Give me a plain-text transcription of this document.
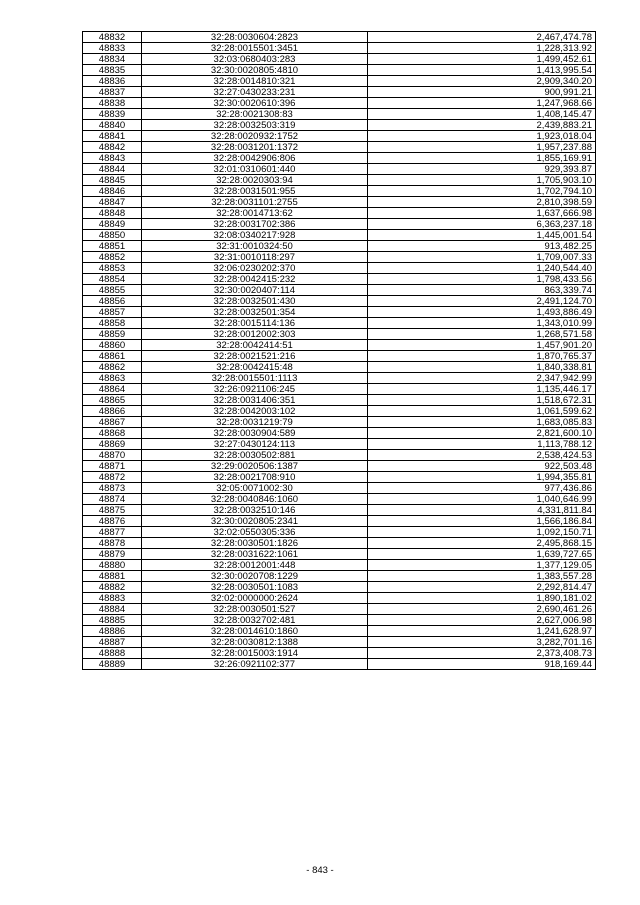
48832	32:28:0030604:2823	2,467,474.78
48833	32:28:0015501:3451	1,228,313.92
48834	32:03:0680403:283	1,499,452.61
48835	32:30:0020805:4810	1,413,995.54
48836	32:28:0014810:321	2,909,340.20
48837	32:27:0430233:231	900,991.21
48838	32:30:0020610:396	1,247,968.66
48839	32:28:0021308:83	1,408,145.47
48840	32:28:0032503:319	2,439,883.21
48841	32:28:0020932:1752	1,923,018.04
48842	32:28:0031201:1372	1,957,237.88
48843	32:28:0042906:806	1,855,169.91
48844	32:01:0310601:440	929,393.87
48845	32:28:0020303:94	1,705,903.10
48846	32:28:0031501:955	1,702,794.10
48847	32:28:0031101:2755	2,810,398.59
48848	32:28:0014713:62	1,637,666.98
48849	32:28:0031702:386	6,363,237.18
48850	32:08:0340217:928	1,445,001.54
48851	32:31:0010324:50	913,482.25
48852	32:31:0010118:297	1,709,007.33
48853	32:06:0230202:370	1,240,544.40
48854	32:28:0042415:232	1,798,433.56
48855	32:30:0020407:114	863,339.74
48856	32:28:0032501:430	2,491,124.70
48857	32:28:0032501:354	1,493,886.49
48858	32:28:0015114:136	1,343,010.99
48859	32:28:0012002:303	1,268,571.58
48860	32:28:0042414:51	1,457,901.20
48861	32:28:0021521:216	1,870,765.37
48862	32:28:0042415:48	1,840,338.81
48863	32:28:0015501:1113	2,347,942.99
48864	32:26:0921106:245	1,135,446.17
48865	32:28:0031406:351	1,518,672.31
48866	32:28:0042003:102	1,061,599.62
48867	32:28:0031219:79	1,683,085.83
48868	32:28:0030904:589	2,821,600.10
48869	32:27:0430124:113	1,113,788.12
48870	32:28:0030502:881	2,538,424.53
48871	32:29:0020506:1387	922,503.48
48872	32:28:0021708:910	1,994,355.81
48873	32:05:0071002:30	977,436.86
48874	32:28:0040846:1060	1,040,646.99
48875	32:28:0032510:146	4,331,811.84
48876	32:30:0020805:2341	1,566,186.84
48877	32:02:0550305:336	1,092,150.71
48878	32:28:0030501:1826	2,495,868.15
48879	32:28:0031622:1061	1,639,727.65
48880	32:28:0012001:448	1,377,129.05
48881	32:30:0020708:1229	1,383,557.28
48882	32:28:0030501:1083	2,292,814.47
48883	32:02:0000000:2624	1,890,181.02
48884	32:28:0030501:527	2,690,461.26
48885	32:28:0032702:481	2,627,006.98
48886	32:28:0014610:1860	1,241,628.97
48887	32:28:0030812:1388	3,282,701.16
48888	32:28:0015003:1914	2,373,408.73
48889	32:26:0921102:377	918,169.44
- 843 -
